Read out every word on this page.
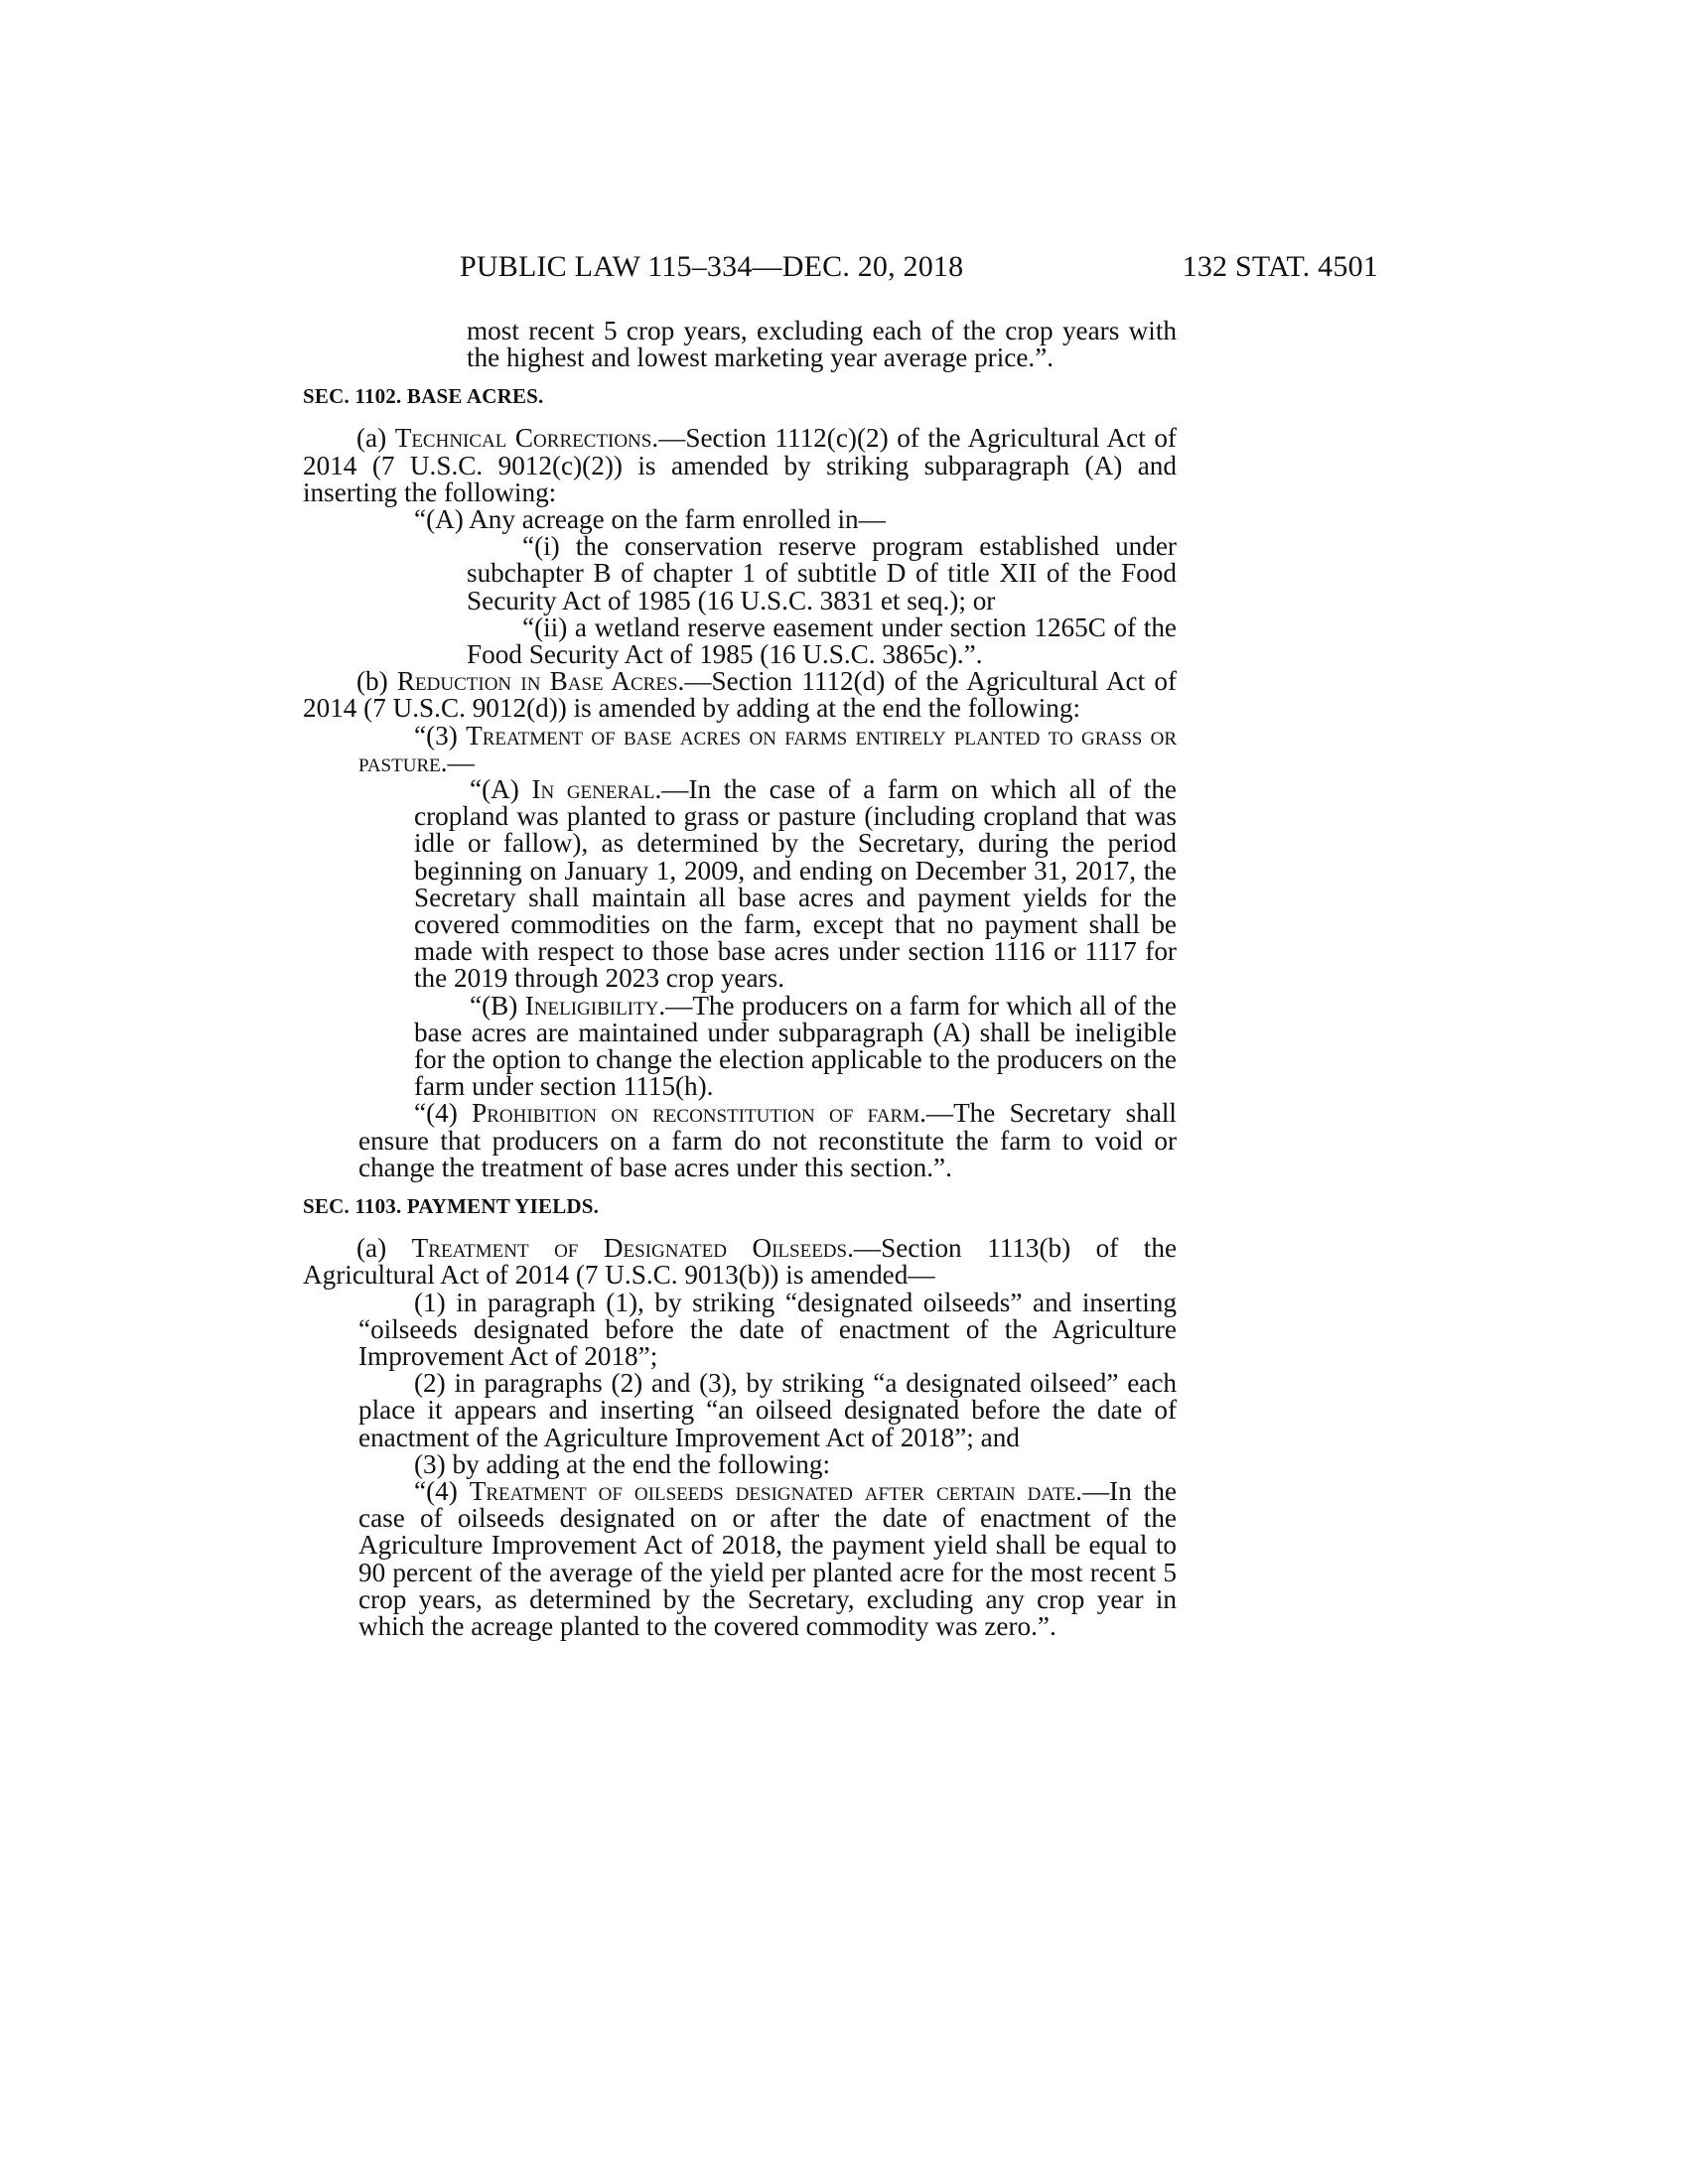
PUBLIC LAW 115–334—DEC. 20, 2018	132 STAT. 4501

most recent 5 crop years, excluding each of the crop years with the highest and lowest marketing year average price.”.

SEC. 1102. BASE ACRES.

(a) Technical Corrections.—Section 1112(c)(2) of the Agricultural Act of 2014 (7 U.S.C. 9012(c)(2)) is amended by striking subparagraph (A) and inserting the following:

“(A) Any acreage on the farm enrolled in—

“(i) the conservation reserve program established under subchapter B of chapter 1 of subtitle D of title XII of the Food Security Act of 1985 (16 U.S.C. 3831 et seq.); or

“(ii) a wetland reserve easement under section 1265C of the Food Security Act of 1985 (16 U.S.C. 3865c).”.

(b) Reduction in Base Acres.—Section 1112(d) of the Agricultural Act of 2014 (7 U.S.C. 9012(d)) is amended by adding at the end the following:

“(3) Treatment of base acres on farms entirely planted to grass or pasture.—

“(A) In general.—In the case of a farm on which all of the cropland was planted to grass or pasture (including cropland that was idle or fallow), as determined by the Secretary, during the period beginning on January 1, 2009, and ending on December 31, 2017, the Secretary shall maintain all base acres and payment yields for the covered commodities on the farm, except that no payment shall be made with respect to those base acres under section 1116 or 1117 for the 2019 through 2023 crop years.

“(B) Ineligibility.—The producers on a farm for which all of the base acres are maintained under subparagraph (A) shall be ineligible for the option to change the election applicable to the producers on the farm under section 1115(h).

“(4) Prohibition on reconstitution of farm.—The Secretary shall ensure that producers on a farm do not reconstitute the farm to void or change the treatment of base acres under this section.”.

SEC. 1103. PAYMENT YIELDS.

(a) Treatment of Designated Oilseeds.—Section 1113(b) of the Agricultural Act of 2014 (7 U.S.C. 9013(b)) is amended—

(1) in paragraph (1), by striking “designated oilseeds” and inserting “oilseeds designated before the date of enactment of the Agriculture Improvement Act of 2018”;

(2) in paragraphs (2) and (3), by striking “a designated oilseed” each place it appears and inserting “an oilseed designated before the date of enactment of the Agriculture Improvement Act of 2018”; and

(3) by adding at the end the following:

“(4) Treatment of oilseeds designated after certain date.—In the case of oilseeds designated on or after the date of enactment of the Agriculture Improvement Act of 2018, the payment yield shall be equal to 90 percent of the average of the yield per planted acre for the most recent 5 crop years, as determined by the Secretary, excluding any crop year in which the acreage planted to the covered commodity was zero.”.
